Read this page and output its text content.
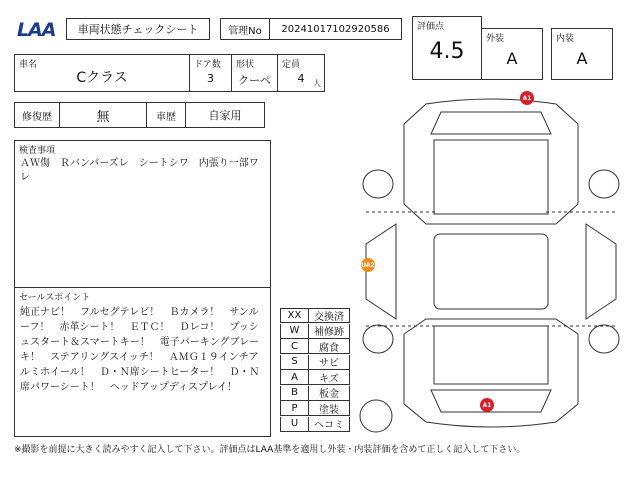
LAA	車両状態チェックシート	管理No	20241017102920586	評価点
4.5	外装
A
内装
A
車名
Cクラス
ドア数
3
形状
クーペ
定員
4	人
修復歴	無	車歴	自家用
検査事項
ＡＷ傷　Ｒバンパーズレ　シートシワ　内張り一部ワレ
セールスポイント
純正ナビ！　フルセグテレビ！　Ｂカメラ！　サンルーフ！　赤革シート！　ＥＴＣ！　Ｄレコ！　プッシュスタート＆スマートキー！　電子パーキングブレーキ！　ステアリングスイッチ！　ＡＭＧ１９インチアルミホイール！　Ｄ・Ｎ席シートヒーター！　Ｄ・Ｎ席パワーシート！　ヘッドアップディスプレイ！
A1
UA2
A1
※撮影を前提に大きく読みやすく記入して下さい。評価点はLAA基準を適用し外装・内装評価を含めて正しく記入して下さい。
XX	交換済
W	補修跡
C	腐食
S	サビ
A	キズ
B	板金
P	塗装
U	ヘコミ
